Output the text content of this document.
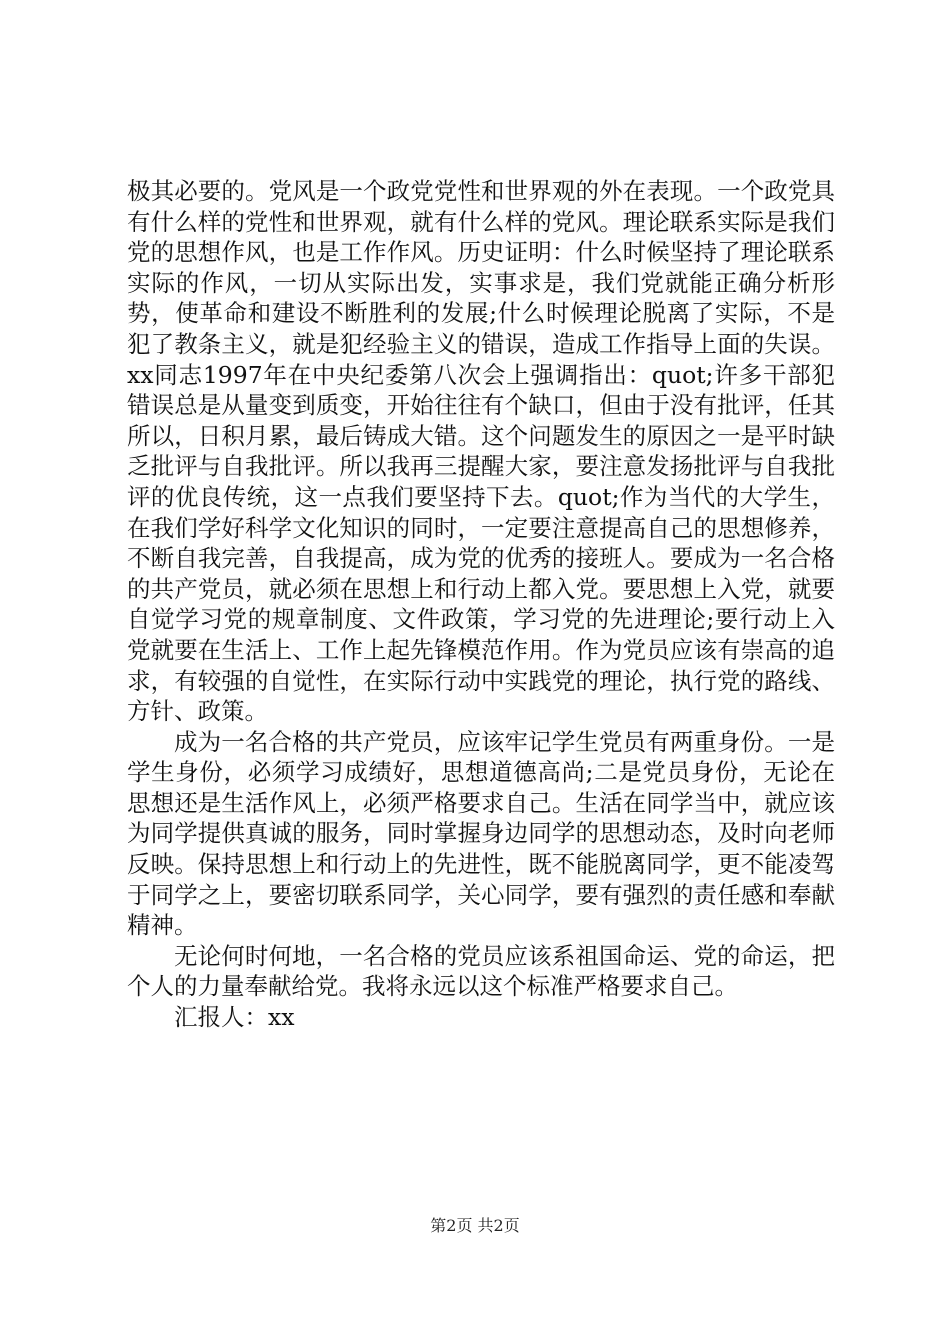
极其必要的。党风是一个政党党性和世界观的外在表现。一个政党具有什么样的党性和世界观，就有什么样的党风。理论联系实际是我们党的思想作风，也是工作作风。历史证明：什么时候坚持了理论联系实际的作风，一切从实际出发，实事求是，我们党就能正确分析形势，使革命和建设不断胜利的发展;什么时候理论脱离了实际，不是犯了教条主义，就是犯经验主义的错误，造成工作指导上面的失误。xx同志1997年在中央纪委第八次会上强调指出：quot;许多干部犯错误总是从量变到质变，开始往往有个缺口，但由于没有批评，任其所以，日积月累，最后铸成大错。这个问题发生的原因之一是平时缺乏批评与自我批评。所以我再三提醒大家，要注意发扬批评与自我批评的优良传统，这一点我们要坚持下去。quot;作为当代的大学生，在我们学好科学文化知识的同时，一定要注意提高自己的思想修养，不断自我完善，自我提高，成为党的优秀的接班人。要成为一名合格的共产党员，就必须在思想上和行动上都入党。要思想上入党，就要自觉学习党的规章制度、文件政策，学习党的先进理论;要行动上入党就要在生活上、工作上起先锋模范作用。作为党员应该有崇高的追求，有较强的自觉性，在实际行动中实践党的理论，执行党的路线、方针、政策。

成为一名合格的共产党员，应该牢记学生党员有两重身份。一是学生身份，必须学习成绩好，思想道德高尚;二是党员身份，无论在思想还是生活作风上，必须严格要求自己。生活在同学当中，就应该为同学提供真诚的服务，同时掌握身边同学的思想动态，及时向老师反映。保持思想上和行动上的先进性，既不能脱离同学，更不能凌驾于同学之上，要密切联系同学，关心同学，要有强烈的责任感和奉献精神。

无论何时何地，一名合格的党员应该系祖国命运、党的命运，把个人的力量奉献给党。我将永远以这个标准严格要求自己。

汇报人：xx

第2页 共2页
